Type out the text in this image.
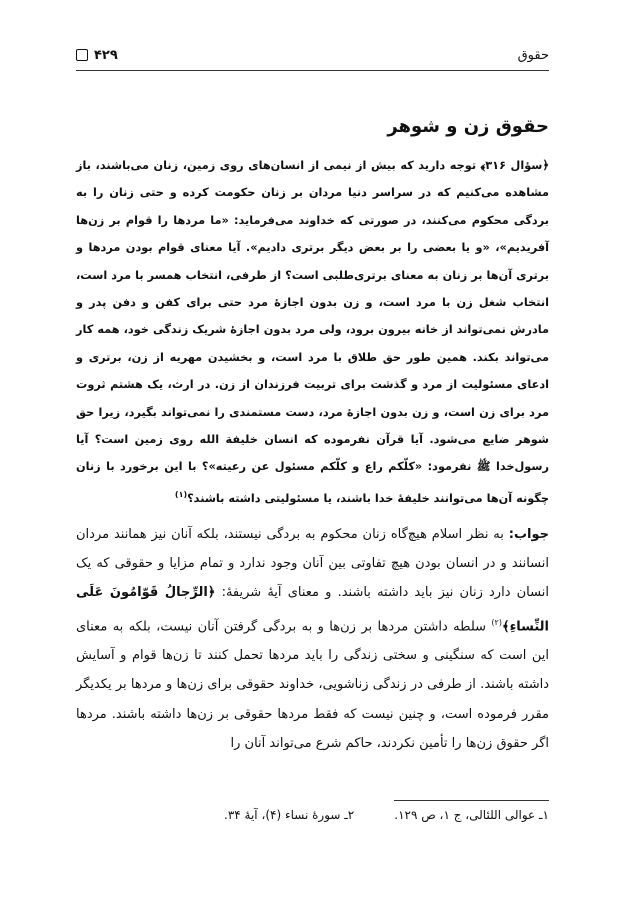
حقوق
۴۲۹
حقوق زن و شوهر

﴿سؤال ۳۱۶﴾ توجه دارید که بیش از نیمی از انسان‌های روی زمین، زنان می‌باشند، باز مشاهده می‌کنیم که در سراسر دنیا مردان بر زنان حکومت کرده و حتی زنان را به بردگی محکوم می‌کنند، در صورتی که خداوند می‌فرماید: «ما مردها را قوام بر زن‌ها آفریدیم»، «و یا بعضی را بر بعض دیگر برتری دادیم». آیا معنای قوام بودن مردها و برتری آن‌ها بر زنان به معنای برتری‌طلبی است؟ از طرفی، انتخاب همسر با مرد است، انتخاب شغل زن با مرد است، و زن بدون اجازهٔ مرد حتی برای کفن و دفن پدر و مادرش نمی‌تواند از خانه بیرون برود، ولی مرد بدون اجازهٔ شریک زندگی خود، همه کار می‌تواند بکند. همین طور حق طلاق با مرد است، و بخشیدن مهریه از زن، برتری و ادعای مسئولیت از مرد و گذشت برای تربیت فرزندان از زن. در ارث، یک هشتم ثروت مرد برای زن است، و زن بدون اجازهٔ مرد، دست مستمندی را نمی‌تواند بگیرد، زیرا حق شوهر ضایع می‌شود. آیا قرآن نفرموده که انسان خلیفة الله روی زمین است؟ آیا رسول‌خدا ﷺ نفرمود: «کلّکم راع و کلّکم مسئول عن رعیته»؟ با این برخورد با زنان چگونه آن‌ها می‌توانند خلیفهٔ خدا باشند، یا مسئولیتی داشته باشند؟$^{(۱)}$

جواب: به نظر اسلام هیچ‌گاه زنان محکوم به بردگی نیستند، بلکه آنان نیز همانند مردان انسانند و در انسان بودن هیچ تفاوتی بین آنان وجود ندارد و تمام مزایا و حقوقی که یک انسان دارد زنان نیز باید داشته باشند. و معنای آیهٔ شریفهٔ: ﴿الرِّجالُ قَوّامُونَ عَلَى النِّساءِ﴾$^{(۲)}$ سلطه داشتن مردها بر زن‌ها و به بردگی گرفتن آنان نیست، بلکه به معنای این است که سنگینی و سختی زندگی را باید مردها تحمل کنند تا زن‌ها قوام و آسایش داشته باشند. از طرفی در زندگی زناشویی، خداوند حقوقی برای زن‌ها و مردها بر یکدیگر مقرر فرموده است، و چنین نیست که فقط مردها حقوقی بر زن‌ها داشته باشند. مردها اگر حقوق زن‌ها را تأمین نکردند، حاکم شرع می‌تواند آنان را

۱ـ عوالی اللئالی، ج ۱، ص ۱۲۹.
۲ـ سورهٔ نساء (۴)، آیهٔ ۳۴.
